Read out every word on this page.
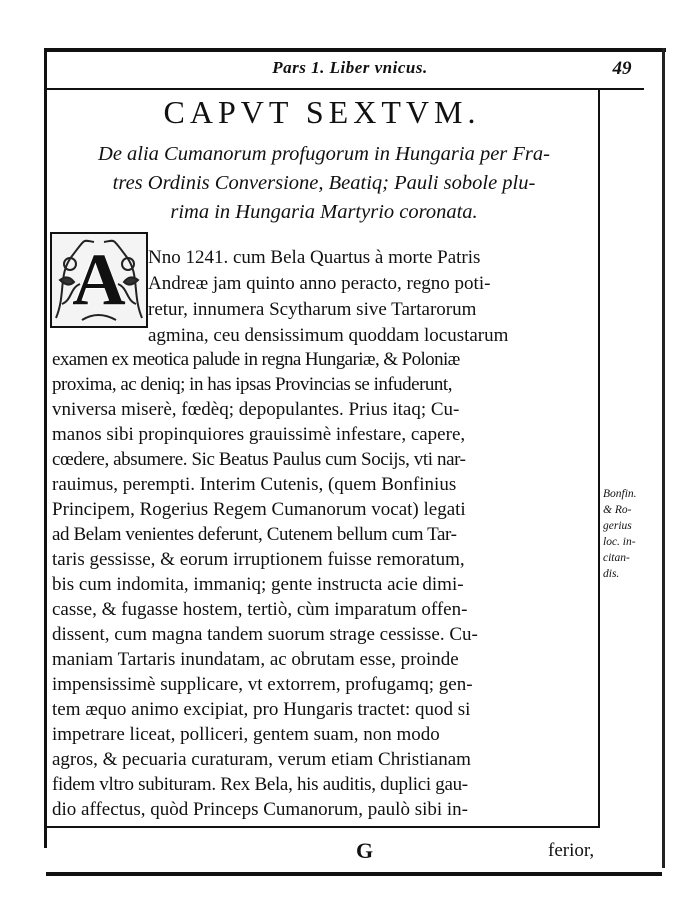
Pars 1. Liber vnicus.	49
CAPVT SEXTVM.
De alia Cumanorum profugorum in Hungaria per Fra-
tres Ordinis Conversione, Beatiq; Pauli sobole plu-
rima in Hungaria Martyrio coronata.
A	Nno 1241. cum Bela Quartus à morte Patris
Andreæ jam quinto anno peracto, regno poti-
retur, innumera Scytharum sive Tartarorum
agmina, ceu densissimum quoddam locustarum
examen ex meotica palude in regna Hungariæ, & Poloniæ
proxima, ac deniq; in has ipsas Provincias se infuderunt,
vniversa miserè, fœdèq; depopulantes. Prius itaq; Cu-
manos sibi propinquiores grauissimè infestare, capere,
cœdere, absumere. Sic Beatus Paulus cum Socijs, vti nar-
rauimus, perempti. Interim Cutenis, (quem Bonfinius
Principem, Rogerius Regem Cumanorum vocat) legati
ad Belam venientes deferunt, Cutenem bellum cum Tar-
taris gessisse, & eorum irruptionem fuisse remoratum,
bis cum indomita, immaniq; gente instructa acie dimi-
casse, & fugasse hostem, tertiò, cùm imparatum offen-
dissent, cum magna tandem suorum strage cessisse. Cu-
maniam Tartaris inundatam, ac obrutam esse, proinde
impensissimè supplicare, vt extorrem, profugamq; gen-
tem æquo animo excipiat, pro Hungaris tractet: quod si
impetrare liceat, polliceri, gentem suam, non modo
agros, & pecuaria curaturam, verum etiam Christianam
fidem vltro subituram. Rex Bela, his auditis, duplici gau-
dio affectus, quòd Princeps Cumanorum, paulò sibi in-
Bonfin.
& Ro-
gerius
loc. in-
citan-
dis.
G	ferior,
